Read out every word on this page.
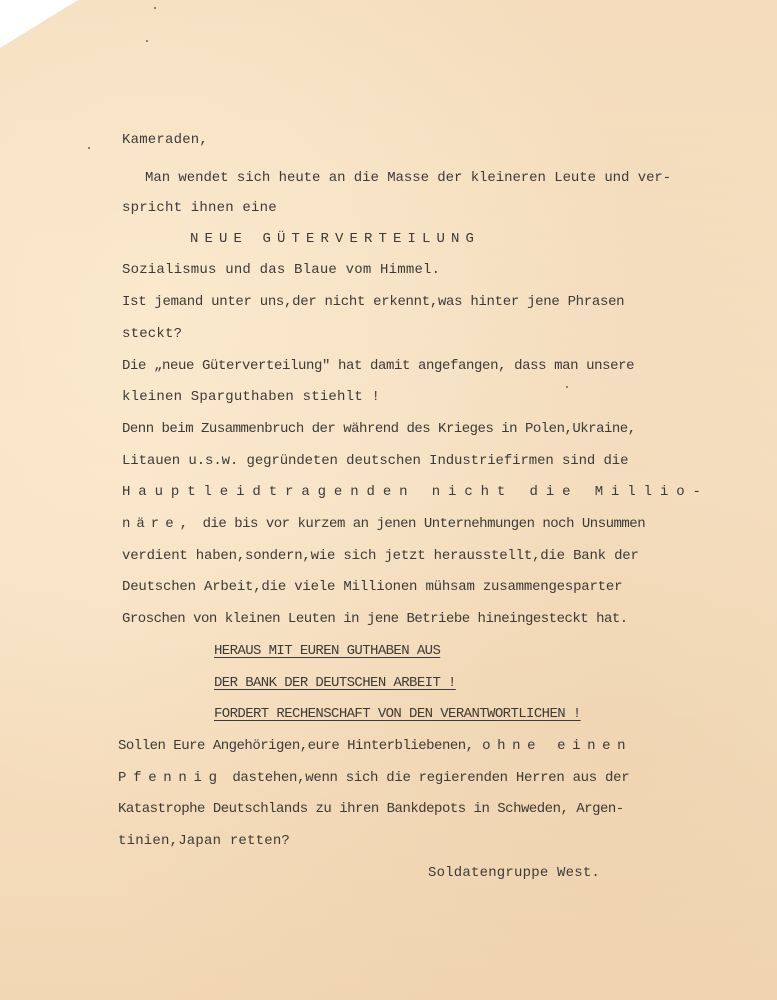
Kameraden,

Man wendet sich heute an die Masse der kleineren Leute und ver-

spricht ihnen eine

NEUE GÜTERVERTEILUNG

Sozialismus und das Blaue vom Himmel.

Ist jemand unter uns,der nicht erkennt,was hinter jene Phrasen

steckt?

Die „neue Güterverteilung" hat damit angefangen, dass man unsere

kleinen Sparguthaben stiehlt !

Denn beim Zusammenbruch der während des Krieges in Polen,Ukraine,

Litauen u.s.w. gegründeten deutschen Industriefirmen sind die

Hauptleidtragenden nicht die Millio-

näre, die bis vor kurzem an jenen Unternehmungen noch Unsummen

verdient haben,sondern,wie sich jetzt herausstellt,die Bank der

Deutschen Arbeit,die viele Millionen mühsam zusammengesparter

Groschen von kleinen Leuten in jene Betriebe hineingesteckt hat.

HERAUS MIT EUREN GUTHABEN AUS

DER BANK DER DEUTSCHEN ARBEIT !

FORDERT RECHENSCHAFT VON DEN VERANTWORTLICHEN !

Sollen Eure Angehörigen,eure Hinterbliebenen, ohne einen

Pfennig dastehen,wenn sich die regierenden Herren aus der

Katastrophe Deutschlands zu ihren Bankdepots in Schweden, Argen-

tinien,Japan retten?

Soldatengruppe West.
